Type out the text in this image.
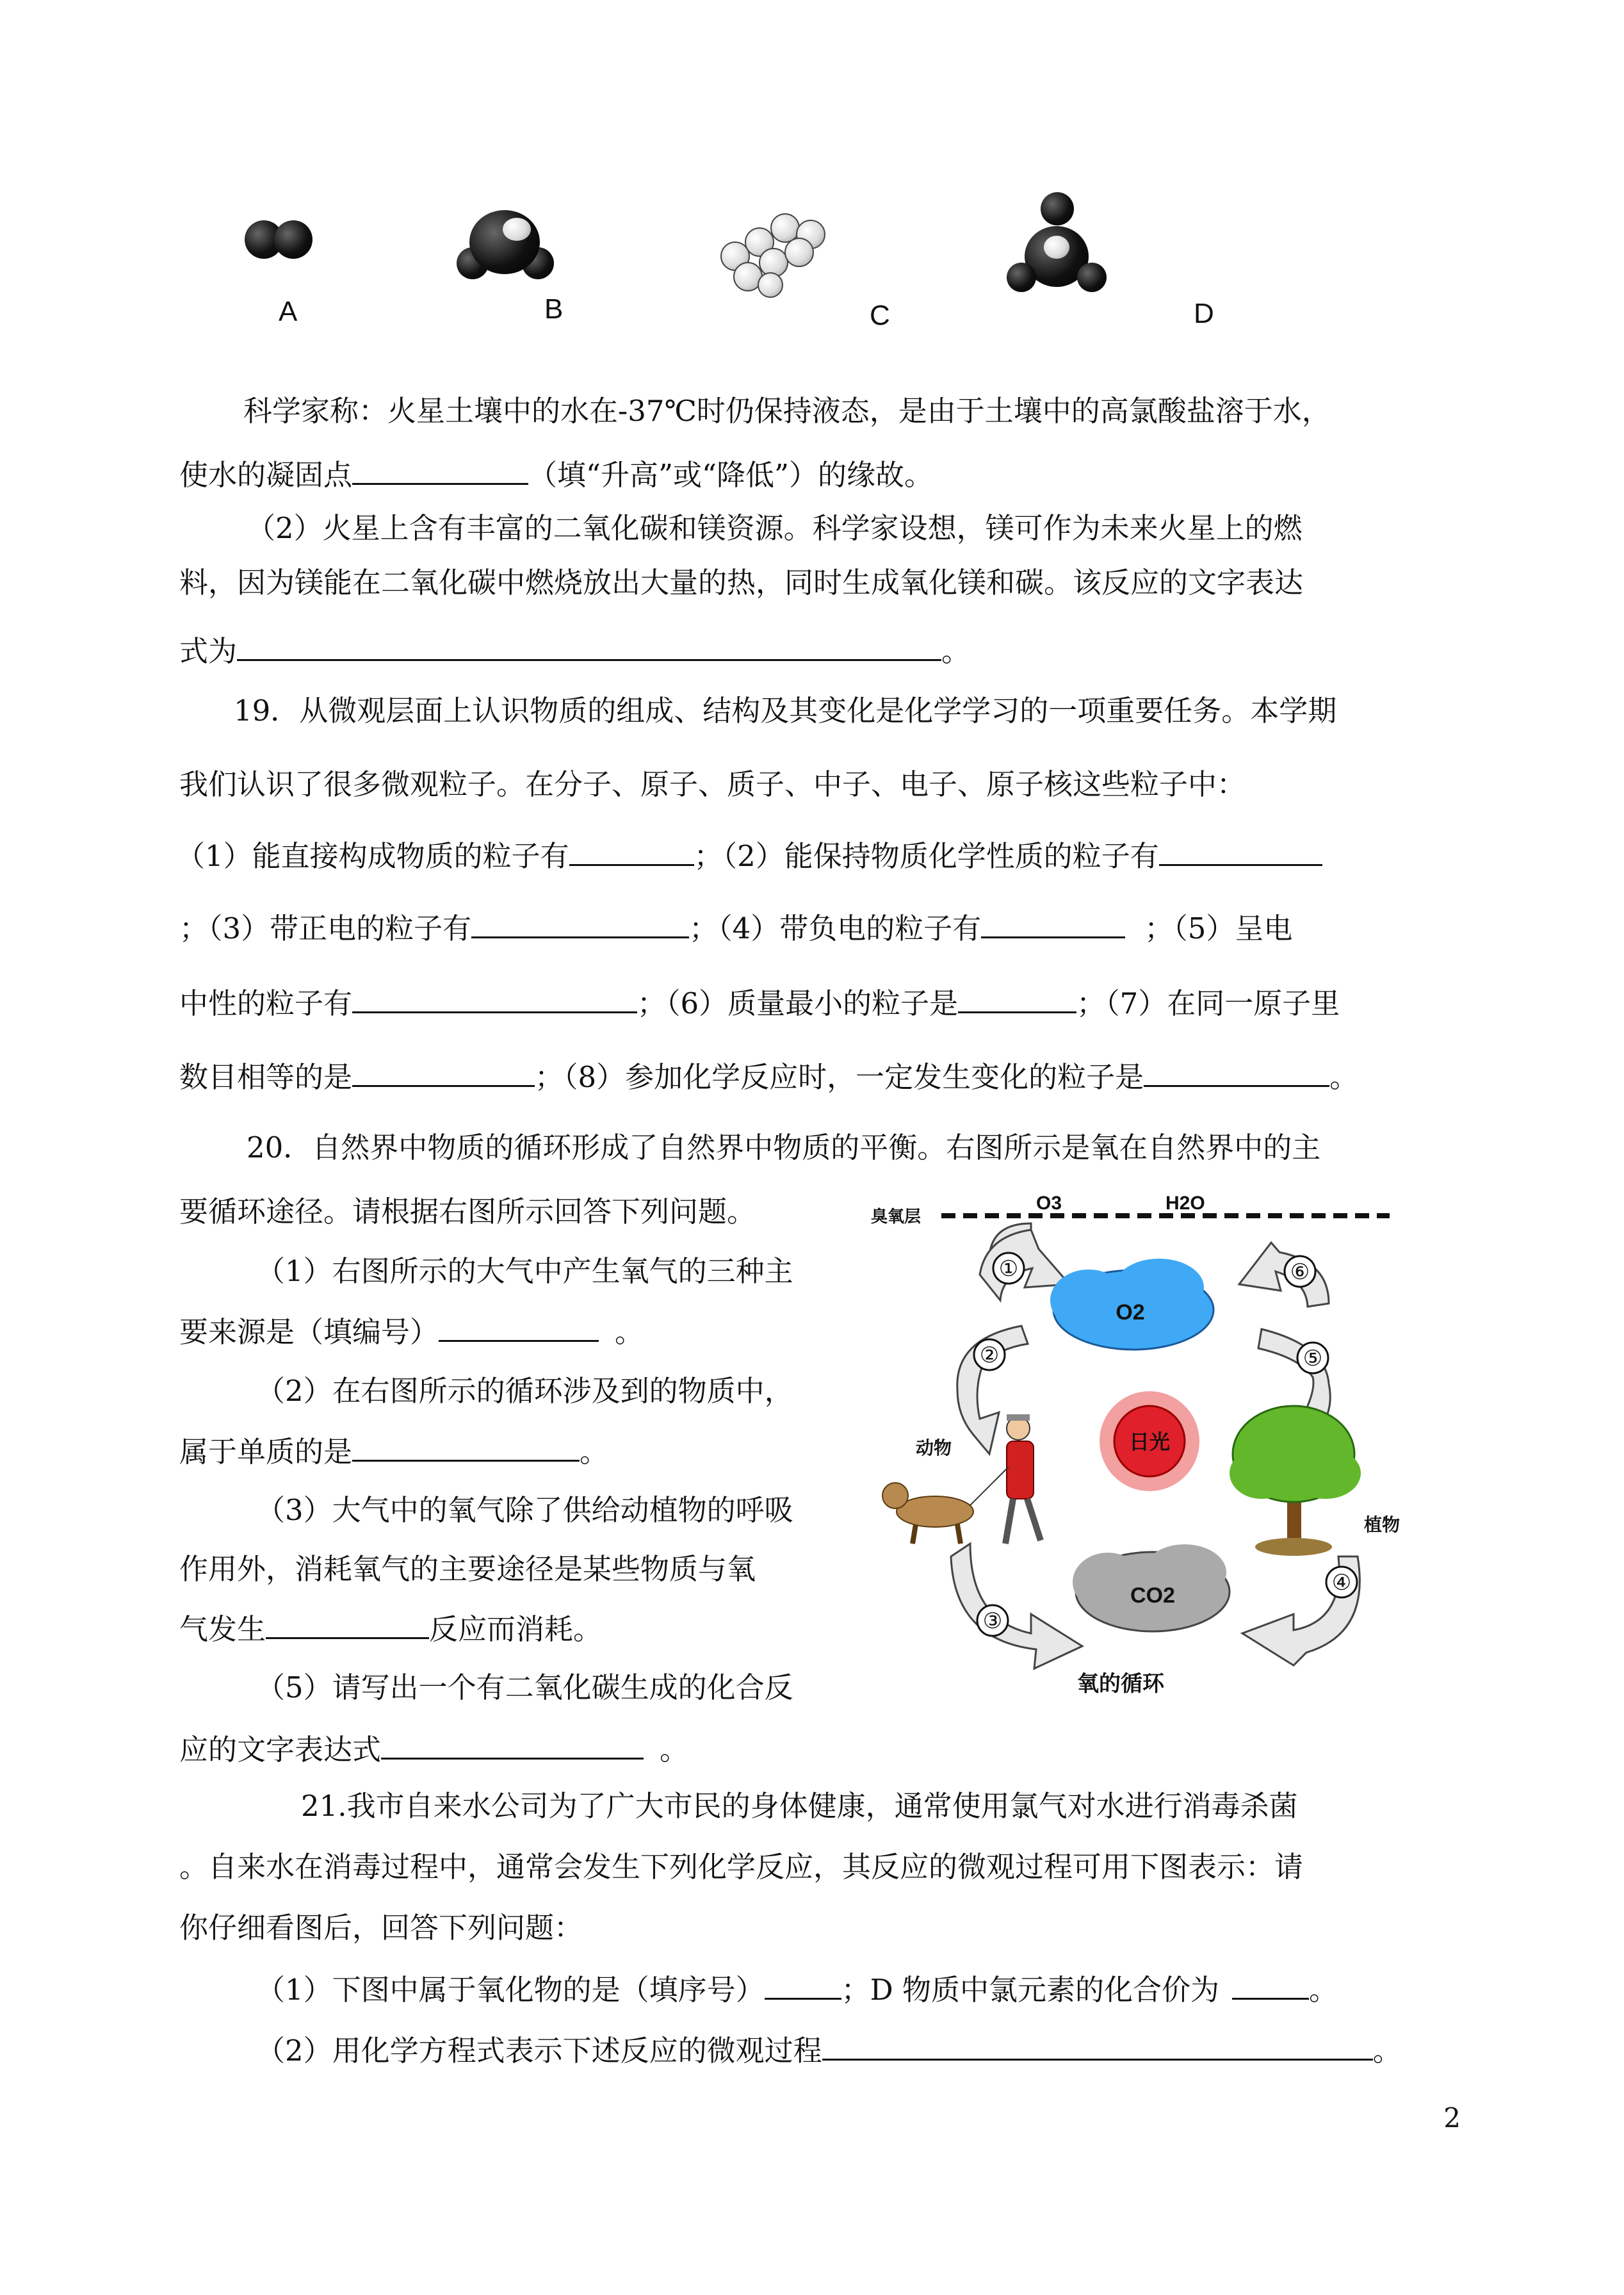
A	B	C	D
科学家称：火星土壤中的水在-37℃时仍保持液态，是由于土壤中的高氯酸盐溶于水，
使水的凝固点	（填“升高”或“降低”）的缘故。
（2）火星上含有丰富的二氧化碳和镁资源。科学家设想，镁可作为未来火星上的燃
料，因为镁能在二氧化碳中燃烧放出大量的热，同时生成氧化镁和碳。该反应的文字表达
式为	。
19．从微观层面上认识物质的组成、结构及其变化是化学学习的一项重要任务。本学期
我们认识了很多微观粒子。在分子、原子、质子、中子、电子、原子核这些粒子中：
（1）能直接构成物质的粒子有	；（2）能保持物质化学性质的粒子有
；（3）带正电的粒子有	；（4）带负电的粒子有	；（5）呈电
中性的粒子有	；（6）质量最小的粒子是	；（7）在同一原子里
数目相等的是	；（8）参加化学反应时，一定发生变化的粒子是	。
20．自然界中物质的循环形成了自然界中物质的平衡。右图所示是氧在自然界中的主
要循环途径。请根据右图所示回答下列问题。
（1）右图所示的大气中产生氧气的三种主
要来源是（填编号）	。
（2）在右图所示的循环涉及到的物质中，
属于单质的是	。
（3）大气中的氧气除了供给动植物的呼吸
作用外，消耗氧气的主要途径是某些物质与氧
气发生	反应而消耗。
（5）请写出一个有二氧化碳生成的化合反
应的文字表达式	。
臭氧层
O3	H2O
①
②
③
④
⑤
⑥
O2
日光
动物
植物
CO2
氧的循环
21.我市自来水公司为了广大市民的身体健康，通常使用氯气对水进行消毒杀菌
。自来水在消毒过程中，通常会发生下列化学反应，其反应的微观过程可用下图表示：请
你仔细看图后，回答下列问题：
（1）下图中属于氧化物的是（填序号）	；D 物质中氯元素的化合价为	。
（2）用化学方程式表示下述反应的微观过程	。
2
